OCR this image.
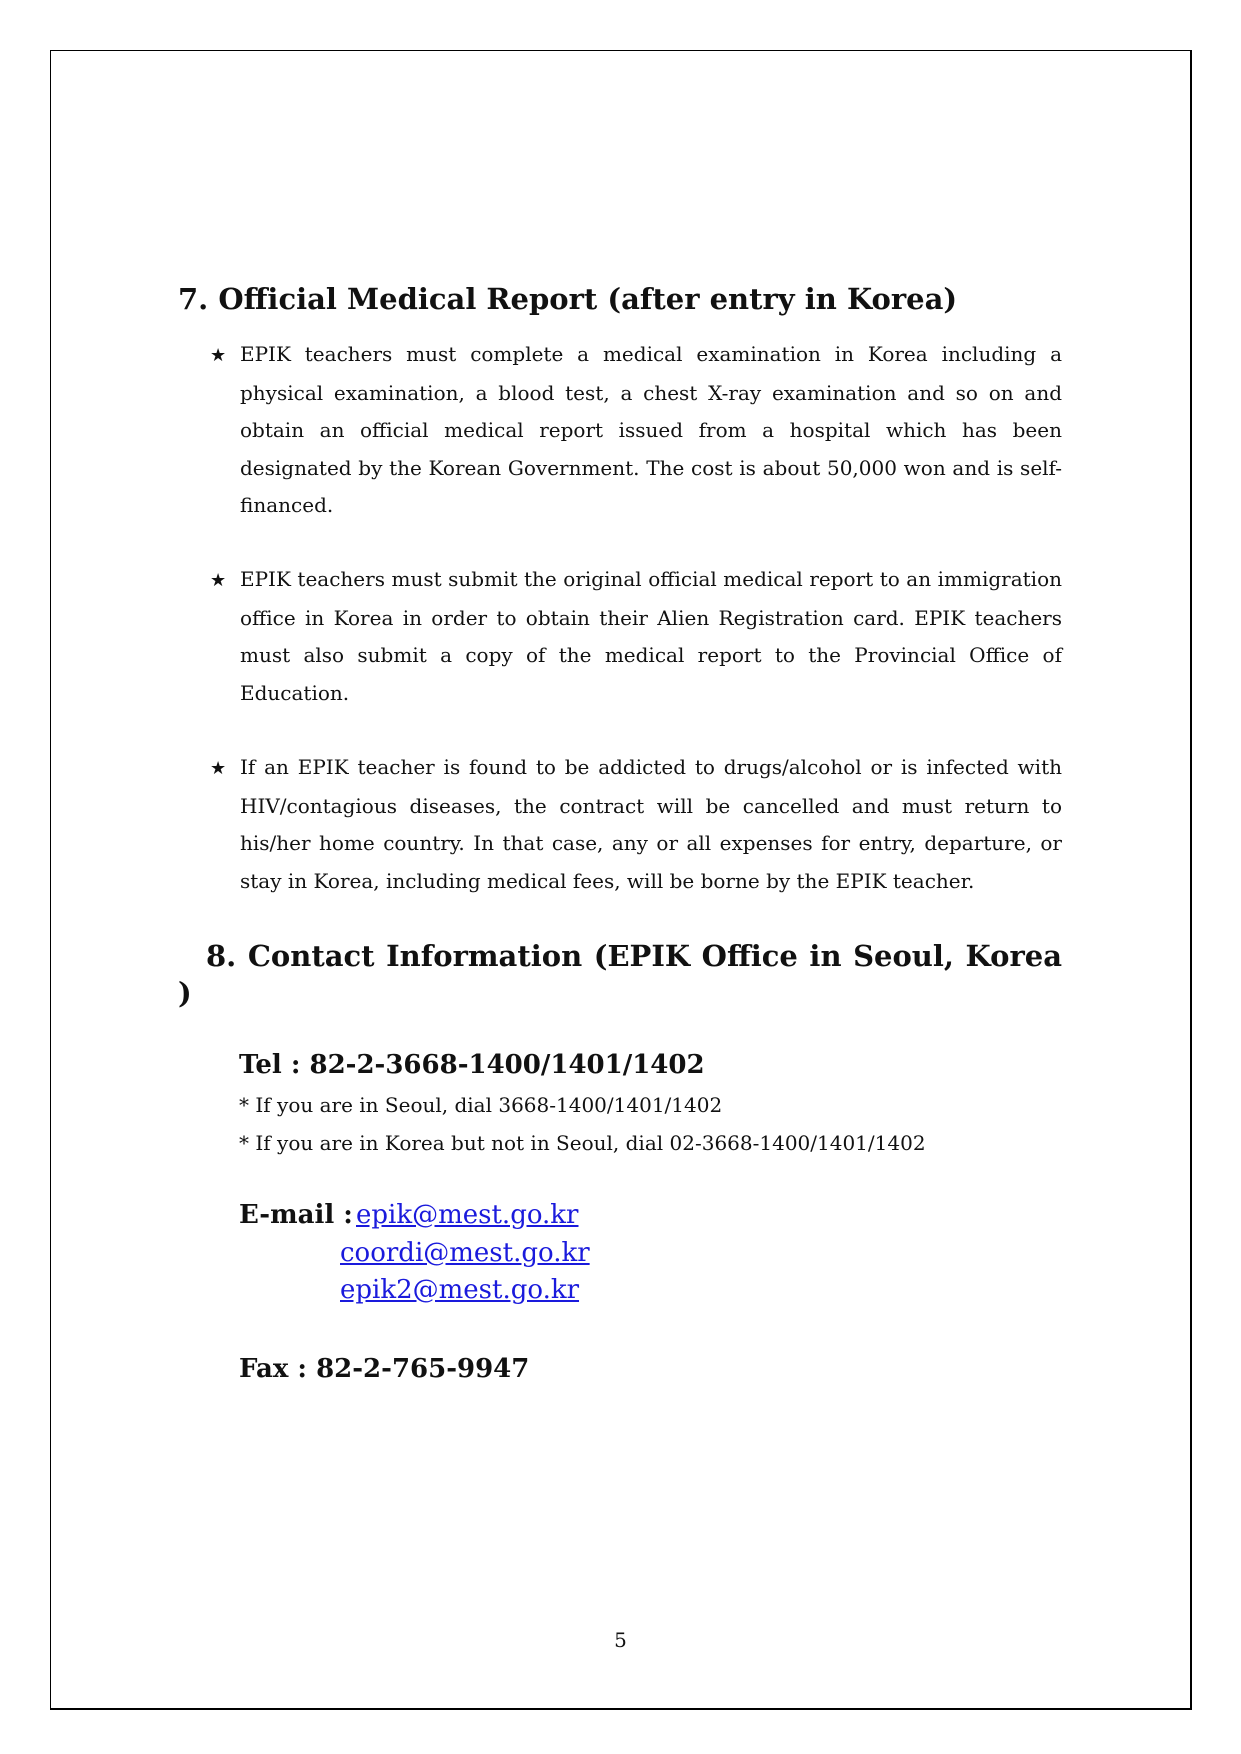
7. Official Medical Report (after entry in Korea)

★ EPIK teachers must complete a medical examination in Korea including a physical examination, a blood test, a chest X-ray examination and so on and obtain an official medical report issued from a hospital which has been designated by the Korean Government. The cost is about 50,000 won and is self-financed.

★ EPIK teachers must submit the original official medical report to an immigration office in Korea in order to obtain their Alien Registration card. EPIK teachers must also submit a copy of the medical report to the Provincial Office of Education.

★ If an EPIK teacher is found to be addicted to drugs/alcohol or is infected with HIV/contagious diseases, the contract will be cancelled and must return to his/her home country. In that case, any or all expenses for entry, departure, or stay in Korea, including medical fees, will be borne by the EPIK teacher.

8. Contact Information (EPIK Office in Seoul, Korea
)
Tel : 82-2-3668-1400/1401/1402
* If you are in Seoul, dial 3668-1400/1401/1402
* If you are in Korea but not in Seoul, dial 02-3668-1400/1401/1402
E-mail : epik@mest.go.kr
coordi@mest.go.kr
epik2@mest.go.kr
Fax : 82-2-765-9947
5
